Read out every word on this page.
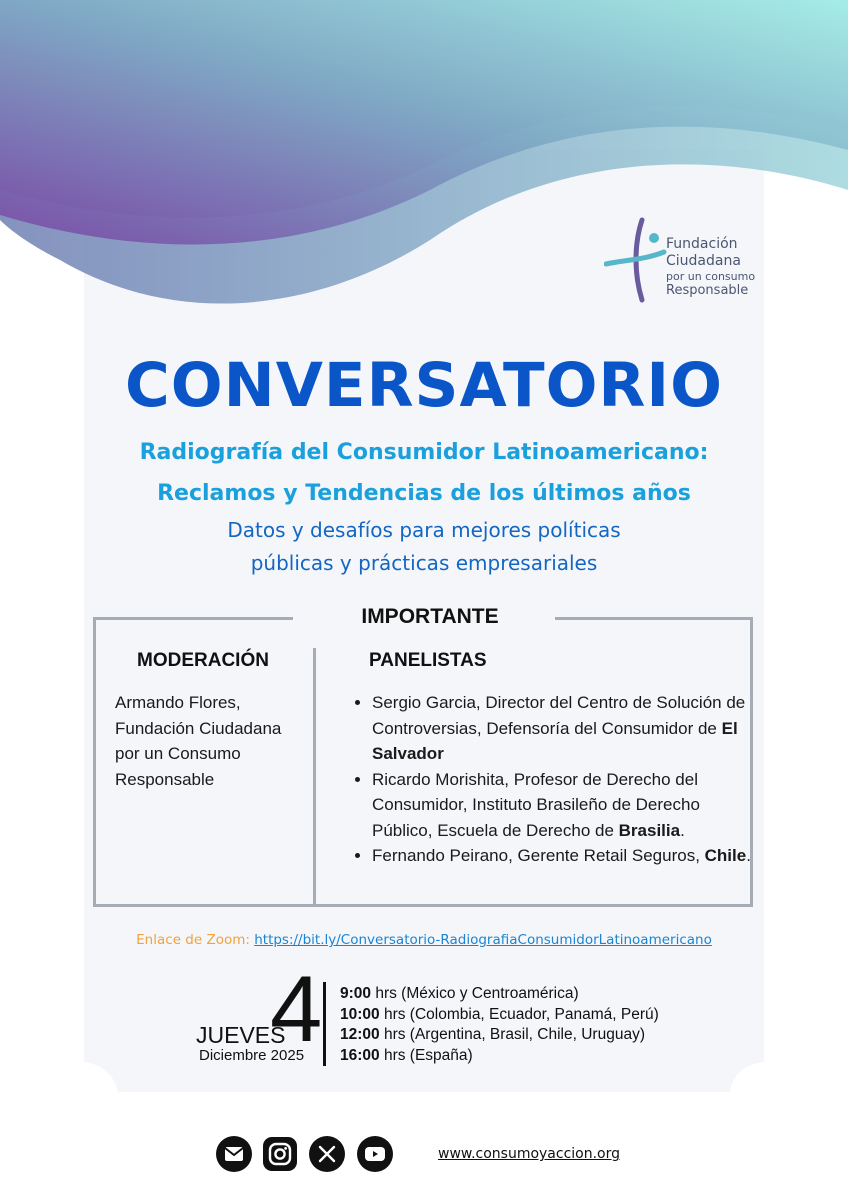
Fundación
Ciudadana
por un consumo
Responsable
CONVERSATORIO
Radiografía del Consumidor Latinoamericano:
Reclamos y Tendencias de los últimos años
Datos y desafíos para mejores políticas
públicas y prácticas empresariales
IMPORTANTE
MODERACIÓN	PANELISTAS
Armando Flores, Fundación Ciudadana por un Consumo Responsable
• Sergio Garcia, Director del Centro de Solución de Controversias, Defensoría del Consumidor de El Salvador
• Ricardo Morishita, Profesor de Derecho del Consumidor, Instituto Brasileño de Derecho Público, Escuela de Derecho de Brasilia.
• Fernando Peirano, Gerente Retail Seguros, Chile.
Enlace de Zoom: https://bit.ly/Conversatorio-RadiografiaConsumidorLatinoamericano
4
JUEVES
Diciembre 2025
9:00 hrs (México y Centroamérica)
10:00 hrs (Colombia, Ecuador, Panamá, Perú)
12:00 hrs (Argentina, Brasil, Chile, Uruguay)
16:00 hrs (España)
www.consumoyaccion.org
